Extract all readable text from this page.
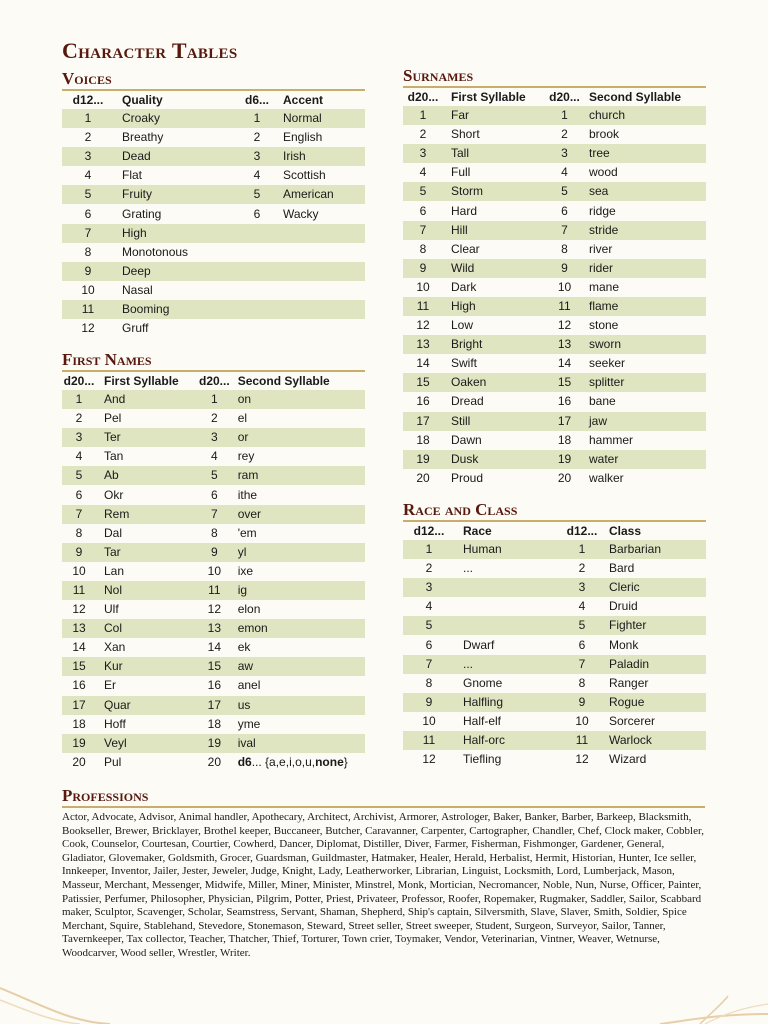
Character Tables
Voices
d12...	Quality	d6...	Accent
1	Croaky	1	Normal
2	Breathy	2	English
3	Dead	3	Irish
4	Flat	4	Scottish
5	Fruity	5	American
6	Grating	6	Wacky
7	High		
8	Monotonous		
9	Deep		
10	Nasal		
11	Booming		
12	Gruff		
First Names
d20...	First Syllable	d20...	Second Syllable
1	And	1	on
2	Pel	2	el
3	Ter	3	or
4	Tan	4	rey
5	Ab	5	ram
6	Okr	6	ithe
7	Rem	7	over
8	Dal	8	'em
9	Tar	9	yl
10	Lan	10	ixe
11	Nol	11	ig
12	Ulf	12	elon
13	Col	13	emon
14	Xan	14	ek
15	Kur	15	aw
16	Er	16	anel
17	Quar	17	us
18	Hoff	18	yme
19	Veyl	19	ival
20	Pul	20	d6... {a,e,i,o,u,none}
Surnames
d20...	First Syllable	d20...	Second Syllable
1	Far	1	church
2	Short	2	brook
3	Tall	3	tree
4	Full	4	wood
5	Storm	5	sea
6	Hard	6	ridge
7	Hill	7	stride
8	Clear	8	river
9	Wild	9	rider
10	Dark	10	mane
11	High	11	flame
12	Low	12	stone
13	Bright	13	sworn
14	Swift	14	seeker
15	Oaken	15	splitter
16	Dread	16	bane
17	Still	17	jaw
18	Dawn	18	hammer
19	Dusk	19	water
20	Proud	20	walker
Race and Class
d12...	Race	d12...	Class
1	Human	1	Barbarian
2	...	2	Bard
3		3	Cleric
4		4	Druid
5		5	Fighter
6	Dwarf	6	Monk
7	...	7	Paladin
8	Gnome	8	Ranger
9	Halfling	9	Rogue
10	Half-elf	10	Sorcerer
11	Half-orc	11	Warlock
12	Tiefling	12	Wizard
Professions
Actor, Advocate, Advisor, Animal handler, Apothecary, Architect, Archivist, Armorer, Astrologer, Baker, Banker, Barber, Barkeep, Blacksmith, Bookseller, Brewer, Bricklayer, Brothel keeper, Buccaneer, Butcher, Caravanner, Carpenter, Cartographer, Chandler, Chef, Clock maker, Cobbler, Cook, Counselor, Courtesan, Courtier, Cowherd, Dancer, Diplomat, Distiller, Diver, Farmer, Fisherman, Fishmonger, Gardener, General, Gladiator, Glovemaker, Goldsmith, Grocer, Guardsman, Guildmaster, Hatmaker, Healer, Herald, Herbalist, Hermit, Historian, Hunter, Ice seller, Innkeeper, Inventor, Jailer, Jester, Jeweler, Judge, Knight, Lady, Leatherworker, Librarian, Linguist, Locksmith, Lord, Lumberjack, Mason, Masseur, Merchant, Messenger, Midwife, Miller, Miner, Minister, Minstrel, Monk, Mortician, Necromancer, Noble, Nun, Nurse, Officer, Painter, Patissier, Perfumer, Philosopher, Physician, Pilgrim, Potter, Priest, Privateer, Professor, Roofer, Ropemaker, Rugmaker, Saddler, Sailor, Scabbard maker, Sculptor, Scavenger, Scholar, Seamstress, Servant, Shaman, Shepherd, Ship's captain, Silversmith, Slave, Slaver, Smith, Soldier, Spice Merchant, Squire, Stablehand, Stevedore, Stonemason, Steward, Street seller, Street sweeper, Student, Surgeon, Surveyor, Sailor, Tanner, Tavernkeeper, Tax collector, Teacher, Thatcher, Thief, Torturer, Town crier, Toymaker, Vendor, Veterinarian, Vintner, Weaver, Wetnurse, Woodcarver, Wood seller, Wrestler, Writer.
